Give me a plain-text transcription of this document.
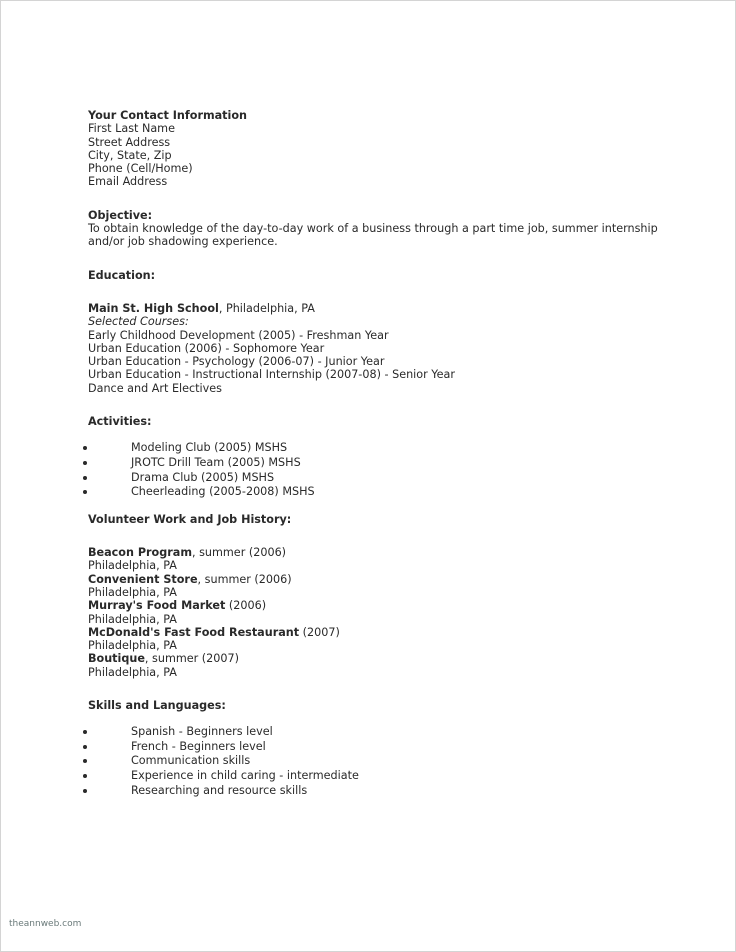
Your Contact Information
First Last Name
Street Address
City, State, Zip
Phone (Cell/Home)
Email Address
Objective:
To obtain knowledge of the day-to-day work of a business through a part time job, summer internship and/or job shadowing experience.
Education:
Main St. High School, Philadelphia, PA
Selected Courses:
Early Childhood Development (2005) - Freshman Year
Urban Education (2006) - Sophomore Year
Urban Education - Psychology (2006-07) - Junior Year
Urban Education - Instructional Internship (2007-08) - Senior Year
Dance and Art Electives
Activities:
Modeling Club (2005) MSHS
JROTC Drill Team (2005) MSHS
Drama Club (2005) MSHS
Cheerleading (2005-2008) MSHS
Volunteer Work and Job History:
Beacon Program, summer (2006)
Philadelphia, PA
Convenient Store, summer (2006)
Philadelphia, PA
Murray's Food Market (2006)
Philadelphia, PA
McDonald's Fast Food Restaurant (2007)
Philadelphia, PA
Boutique, summer (2007)
Philadelphia, PA
Skills and Languages:
Spanish - Beginners level
French - Beginners level
Communication skills
Experience in child caring - intermediate
Researching and resource skills
theannweb.com
